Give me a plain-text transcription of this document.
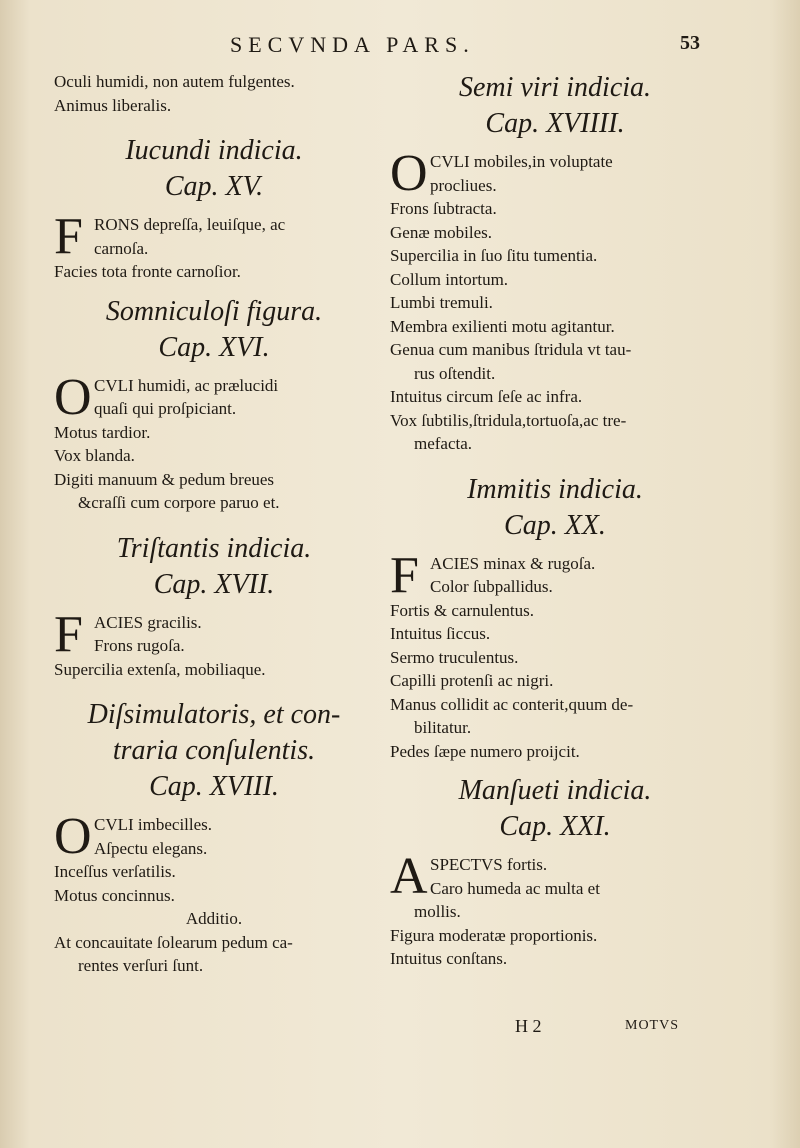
SECVNDA PARS.	53

Oculi humidi, non autem fulgentes.

Animus liberalis.

Iucundi indicia.

Cap. XV.

F RONS depreſſa, leuiſque, ac

carnoſa.

Facies tota fronte carnoſior.

Somniculoſi figura.

Cap. XVI.

O CVLI humidi, ac prælucidi

quaſi qui proſpiciant.

Motus tardior.

Vox blanda.

Digiti manuum & pedum breues

&craſſi cum corpore paruo et.

Triſtantis indicia.

Cap. XVII.

F ACIES gracilis.

Frons rugoſa.

Supercilia extenſa, mobiliaque.

Diſsimulatoris, et con-

traria conſulentis.

Cap. XVIII.

O CVLI imbecilles.

Aſpectu elegans.

Inceſſus verſatilis.

Motus concinnus.

Additio.

At concauitate ſolearum pedum ca-

rentes verſuri ſunt.

Semi viri indicia.

Cap. XVIIII.

O CVLI mobiles,in voluptate

procliues.

Frons ſubtracta.

Genæ mobiles.

Supercilia in ſuo ſitu tumentia.

Collum intortum.

Lumbi tremuli.

Membra exilienti motu agitantur.

Genua cum manibus ſtridula vt tau-

rus oſtendit.

Intuitus circum ſeſe ac infra.

Vox ſubtilis,ſtridula,tortuoſa,ac tre-

mefacta.

Immitis indicia.

Cap. XX.

F ACIES minax & rugoſa.

Color ſubpallidus.

Fortis & carnulentus.

Intuitus ſiccus.

Sermo truculentus.

Capilli protenſi ac nigri.

Manus collidit ac conterit,quum de-

bilitatur.

Pedes ſæpe numero proijcit.

Manſueti indicia.

Cap. XXI.

A SPECTVS fortis.

Caro humeda ac multa et

mollis.

Figura moderatæ proportionis.

Intuitus conſtans.

H 2	MOTVS
